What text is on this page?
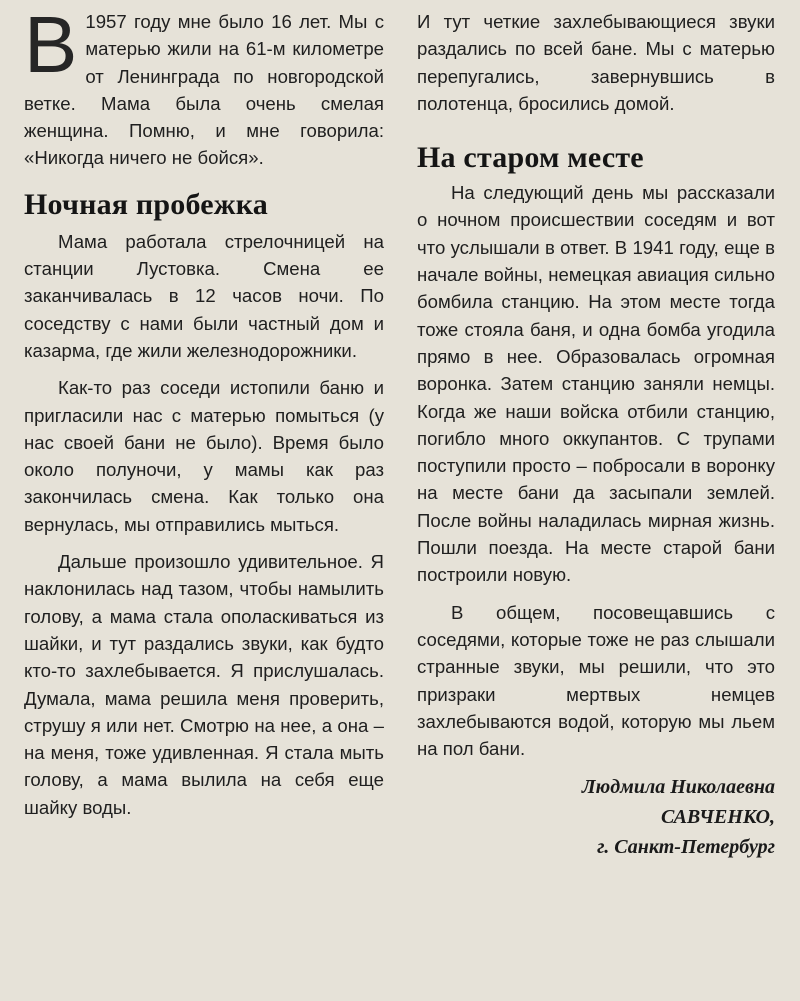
В 1957 году мне было 16 лет. Мы с матерью жили на 61-м километре от Ленинграда по новгородской ветке. Мама была очень смелая женщина. Помню, и мне говорила: «Никогда ничего не бойся».

Ночная пробежка

Мама работала стрелочницей на станции Лустовка. Смена ее заканчивалась в 12 часов ночи. По соседству с нами были частный дом и казарма, где жили железнодорожники.

Как-то раз соседи истопили баню и пригласили нас с матерью помыться (у нас своей бани не было). Время было около полуночи, у мамы как раз закончилась смена. Как только она вернулась, мы отправились мыться.

Дальше произошло удивительное. Я наклонилась над тазом, чтобы намылить голову, а мама стала ополаскиваться из шайки, и тут раздались звуки, как будто кто-то захлебывается. Я прислушалась. Думала, мама решила меня проверить, струшу я или нет. Смотрю на нее, а она – на меня, тоже удивленная. Я стала мыть голову, а мама вылила на себя еще шайку воды.

И тут четкие захлебывающиеся звуки раздались по всей бане. Мы с матерью перепугались, завернувшись в полотенца, бросились домой.

На старом месте

На следующий день мы рассказали о ночном происшествии соседям и вот что услышали в ответ. В 1941 году, еще в начале войны, немецкая авиация сильно бомбила станцию. На этом месте тогда тоже стояла баня, и одна бомба угодила прямо в нее. Образовалась огромная воронка. Затем станцию заняли немцы. Когда же наши войска отбили станцию, погибло много оккупантов. С трупами поступили просто – побросали в воронку на месте бани да засыпали землей. После войны наладилась мирная жизнь. Пошли поезда. На месте старой бани построили новую.

В общем, посовещавшись с соседями, которые тоже не раз слышали странные звуки, мы решили, что это призраки мертвых немцев захлебываются водой, которую мы льем на пол бани.

Людмила Николаевна
САВЧЕНКО,
г. Санкт-Петербург
